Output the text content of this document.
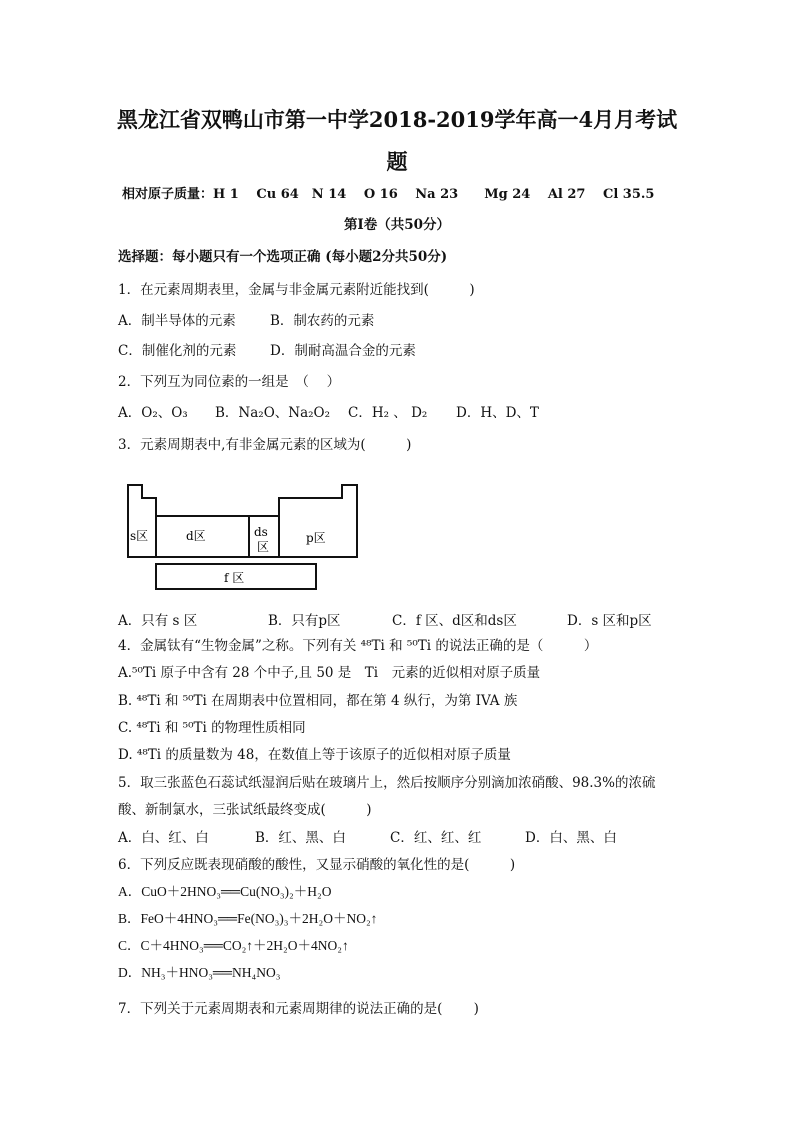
黑龙江省双鸭山市第一中学2018-2019学年高一4月月考试
题
相对原子质量：H 1　 Cu 64　N 14　 O 16　 Na 23　　Mg 24　 Al 27　 Cl 35.5
第Ⅰ卷（共50分）
选择题：每小题只有一个选项正确 (每小题2分共50分)
1．在元素周期表里，金属与非金属元素附近能找到(　　　)
A．制半导体的元素	B．制农药的元素
C．制催化剂的元素 D．制耐高温合金的元素
2．下列互为同位素的一组是　（　 ）
A．O₂、O₃ B．Na₂O、Na₂O₂ C．H₂ 、 D₂ D．H、D、T
3．元素周期表中,有非金属元素的区域为(　　　)
s区	d区	ds
区
p区
f 区
A．只有 s 区	B．只有p区	C．f 区、d区和ds区	D．s 区和p区
4．金属钛有“生物金属”之称。下列有关 ⁴⁸Ti 和 ⁵⁰Ti 的说法正确的是（　　　）
A.⁵⁰Ti 原子中含有 28 个中子,且 50 是　Ti　元素的近似相对原子质量
B. ⁴⁸Ti 和 ⁵⁰Ti 在周期表中位置相同，都在第 4 纵行，为第 IVA 族
C. ⁴⁸Ti 和 ⁵⁰Ti 的物理性质相同
D. ⁴⁸Ti 的质量数为 48，在数值上等于该原子的近似相对原子质量
5．取三张蓝色石蕊试纸湿润后贴在玻璃片上，然后按顺序分别滴加浓硝酸、98.3%的浓硫
酸、新制氯水，三张试纸最终变成(　　　)
A．白、红、白	B．红、黑、白	C．红、红、红	D．白、黑、白
6．下列反应既表现硝酸的酸性，又显示硝酸的氧化性的是(　　　)
A．CuO＋2HNO₃══Cu(NO₃)₂＋H₂O
B．FeO＋4HNO₃══Fe(NO₃)₃＋2H₂O＋NO₂↑
C．C＋4HNO₃══CO₂↑＋2H₂O＋4NO₂↑
D．NH₃＋HNO₃══NH₄NO₃
7．下列关于元素周期表和元素周期律的说法正确的是(　　 )
